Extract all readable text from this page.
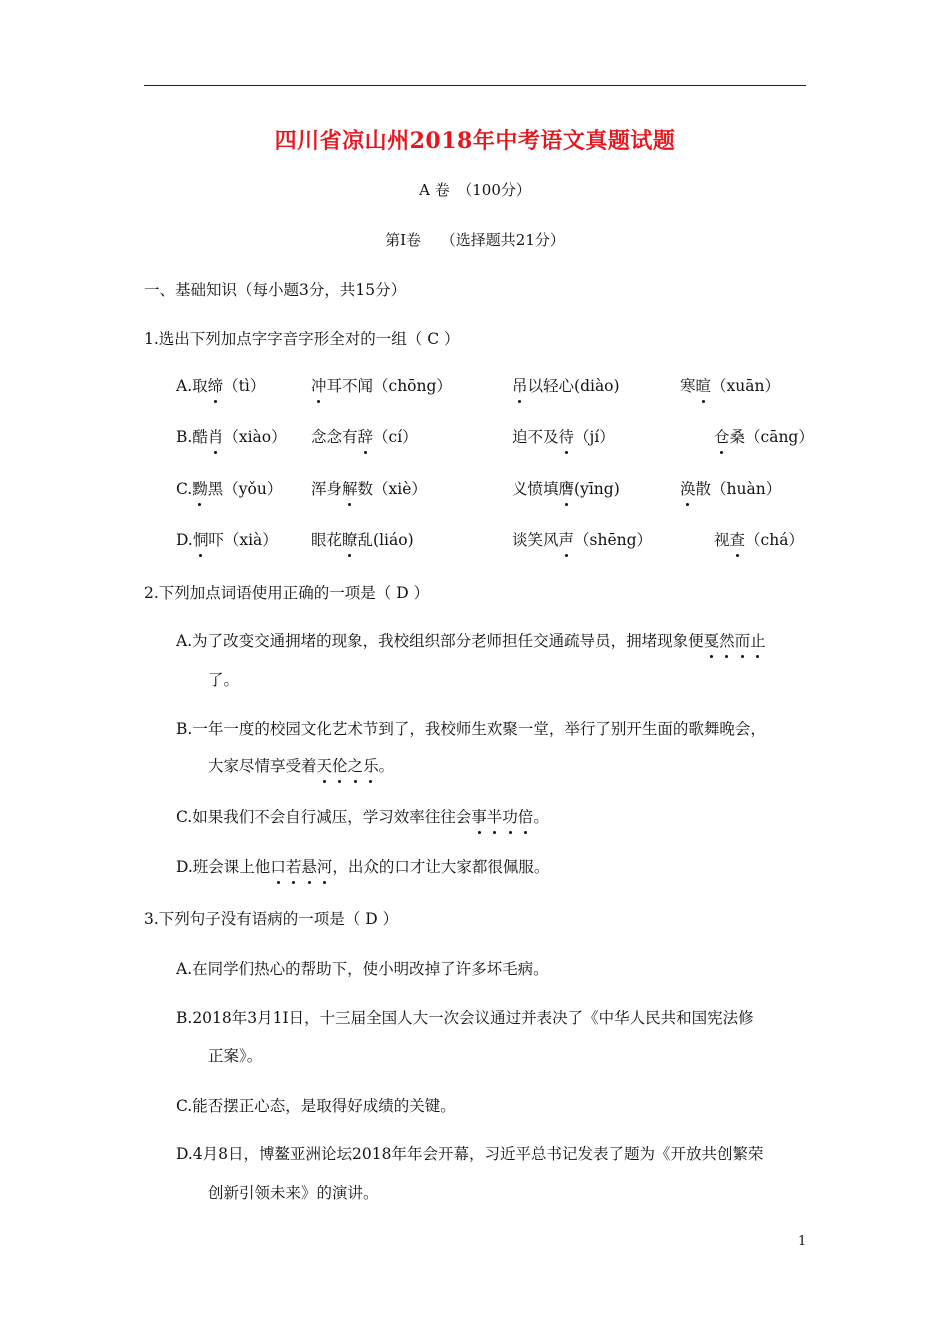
四川省凉山州2018年中考语文真题试题
A 卷　（100分）
第Ⅰ卷　 （选择题共21分）
一、基础知识（每小题3分，共15分）
1.选出下列加点字字音字形全对的一组（ C ）
A.取缔（tì）	冲耳不闻（chōng）	吊以轻心(diào)	寒暄（xuān）
B.酷肖（xiào） 念念有辞（cí）	迫不及待（jí）	仓桑（cāng）
C.黝黑（yǒu） 浑身解数（xiè）	义愤填膺(yīng)	涣散（huàn）
D.恫吓（xià） 眼花瞭乱(liáo)	谈笑风声（shēng）	视查（chá）
2.下列加点词语使用正确的一项是（ D ）
A.为了改变交通拥堵的现象，我校组织部分老师担任交通疏导员，拥堵现象便戛然而止
了。
B.一年一度的校园文化艺术节到了，我校师生欢聚一堂，举行了别开生面的歌舞晚会，
大家尽情享受着天伦之乐。
C.如果我们不会自行减压，学习效率往往会事半功倍。
D.班会课上他口若悬河，出众的口才让大家都很佩服。
3.下列句子没有语病的一项是（ D ）
A.在同学们热心的帮助下，使小明改掉了许多坏毛病。
B.2018年3月1I日，十三届全国人大一次会议通过并表决了《中华人民共和国宪法修
正案》。
C.能否摆正心态，是取得好成绩的关键。
D.4月8日，博鳌亚洲论坛2018年年会开幕，习近平总书记发表了题为《开放共创繁荣
创新引领未来》的演讲。
1
